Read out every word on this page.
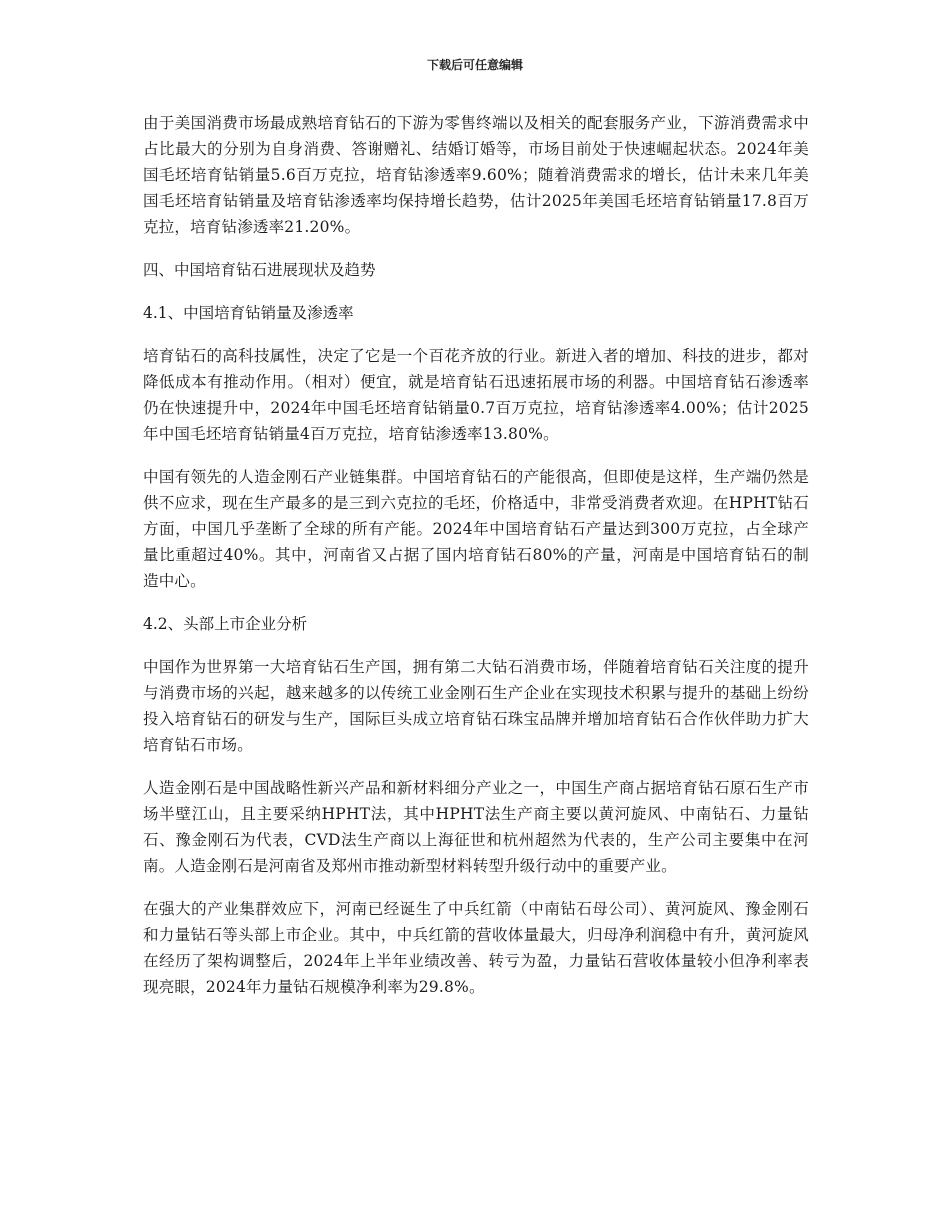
下载后可任意编辑

由于美国消费市场最成熟培育钻石的下游为零售终端以及相关的配套服务产业，下游消费需求中占比最大的分别为自身消费、答谢赠礼、结婚订婚等，市场目前处于快速崛起状态。2024年美国毛坯培育钻销量5.6百万克拉，培育钻渗透率9.60%；随着消费需求的增长，估计未来几年美国毛坯培育钻销量及培育钻渗透率均保持增长趋势，估计2025年美国毛坯培育钻销量17.8百万克拉，培育钻渗透率21.20%。

四、中国培育钻石进展现状及趋势

4.1、中国培育钻销量及渗透率

培育钻石的高科技属性，决定了它是一个百花齐放的行业。新进入者的增加、科技的进步，都对降低成本有推动作用。（相对）便宜，就是培育钻石迅速拓展市场的利器。中国培育钻石渗透率仍在快速提升中，2024年中国毛坯培育钻销量0.7百万克拉，培育钻渗透率4.00%；估计2025年中国毛坯培育钻销量4百万克拉，培育钻渗透率13.80%。

中国有领先的人造金刚石产业链集群。中国培育钻石的产能很高，但即使是这样，生产端仍然是供不应求，现在生产最多的是三到六克拉的毛坯，价格适中，非常受消费者欢迎。在HPHT钻石方面，中国几乎垄断了全球的所有产能。2024年中国培育钻石产量达到300万克拉，占全球产量比重超过40%。其中，河南省又占据了国内培育钻石80%的产量，河南是中国培育钻石的制造中心。

4.2、头部上市企业分析

中国作为世界第一大培育钻石生产国，拥有第二大钻石消费市场，伴随着培育钻石关注度的提升与消费市场的兴起，越来越多的以传统工业金刚石生产企业在实现技术积累与提升的基础上纷纷投入培育钻石的研发与生产，国际巨头成立培育钻石珠宝品牌并增加培育钻石合作伙伴助力扩大培育钻石市场。

人造金刚石是中国战略性新兴产品和新材料细分产业之一，中国生产商占据培育钻石原石生产市场半壁江山，且主要采纳HPHT法，其中HPHT法生产商主要以黄河旋风、中南钻石、力量钻石、豫金刚石为代表，CVD法生产商以上海征世和杭州超然为代表的，生产公司主要集中在河南。人造金刚石是河南省及郑州市推动新型材料转型升级行动中的重要产业。

在强大的产业集群效应下，河南已经诞生了中兵红箭（中南钻石母公司）、黄河旋风、豫金刚石和力量钻石等头部上市企业。其中，中兵红箭的营收体量最大，归母净利润稳中有升，黄河旋风在经历了架构调整后，2024年上半年业绩改善、转亏为盈，力量钻石营收体量较小但净利率表现亮眼，2024年力量钻石规模净利率为29.8%。
